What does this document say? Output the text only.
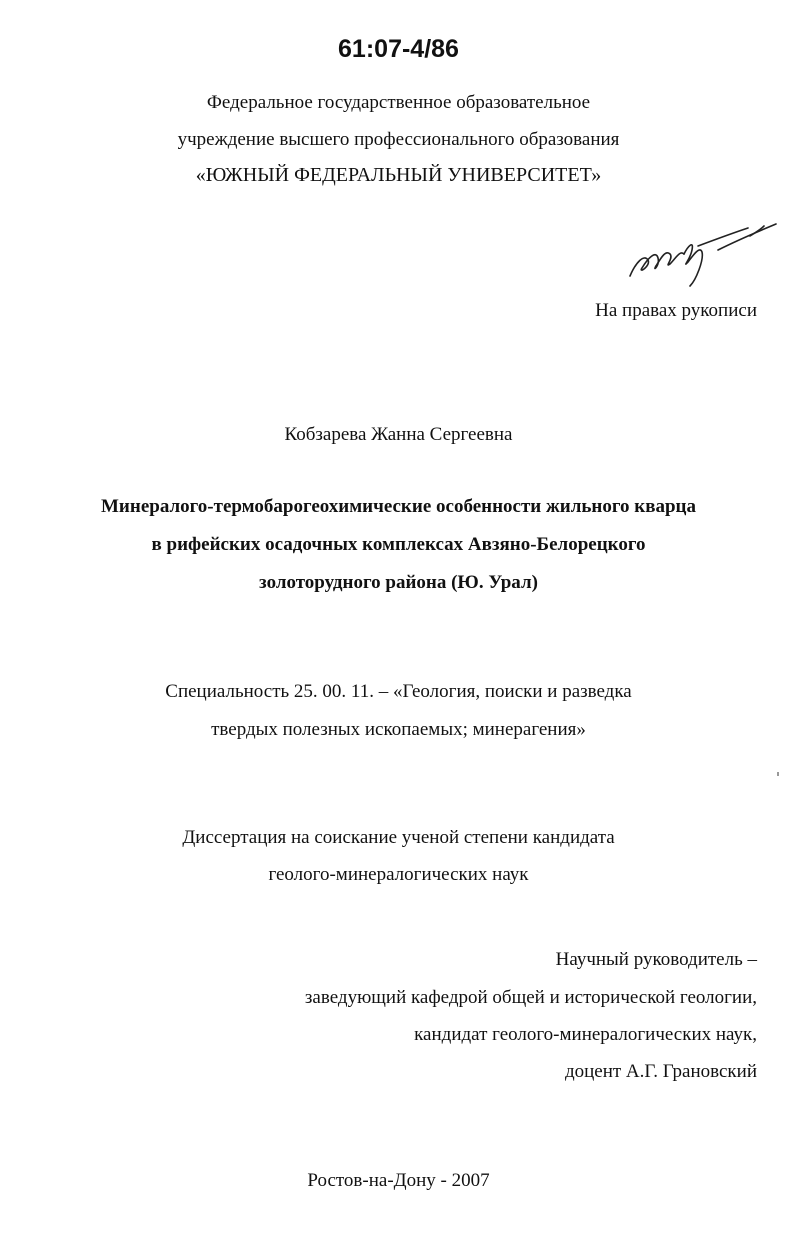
61:07-4/86
Федеральное государственное образовательное
учреждение высшего профессионального образования
«ЮЖНЫЙ ФЕДЕРАЛЬНЫЙ УНИВЕРСИТЕТ»
На правах рукописи
Кобзарева Жанна Сергеевна
Минералого-термобарогеохимические особенности жильного кварца
в рифейских осадочных комплексах Авзяно-Белорецкого
золоторудного района (Ю. Урал)
Специальность 25. 00. 11. – «Геология, поиски и разведка
твердых полезных ископаемых; минерагения»
Диссертация на соискание ученой степени кандидата
геолого-минералогических наук
Научный руководитель –
заведующий кафедрой общей и исторической геологии,
кандидат геолого-минералогических наук,
доцент А.Г. Грановский
Ростов-на-Дону - 2007
